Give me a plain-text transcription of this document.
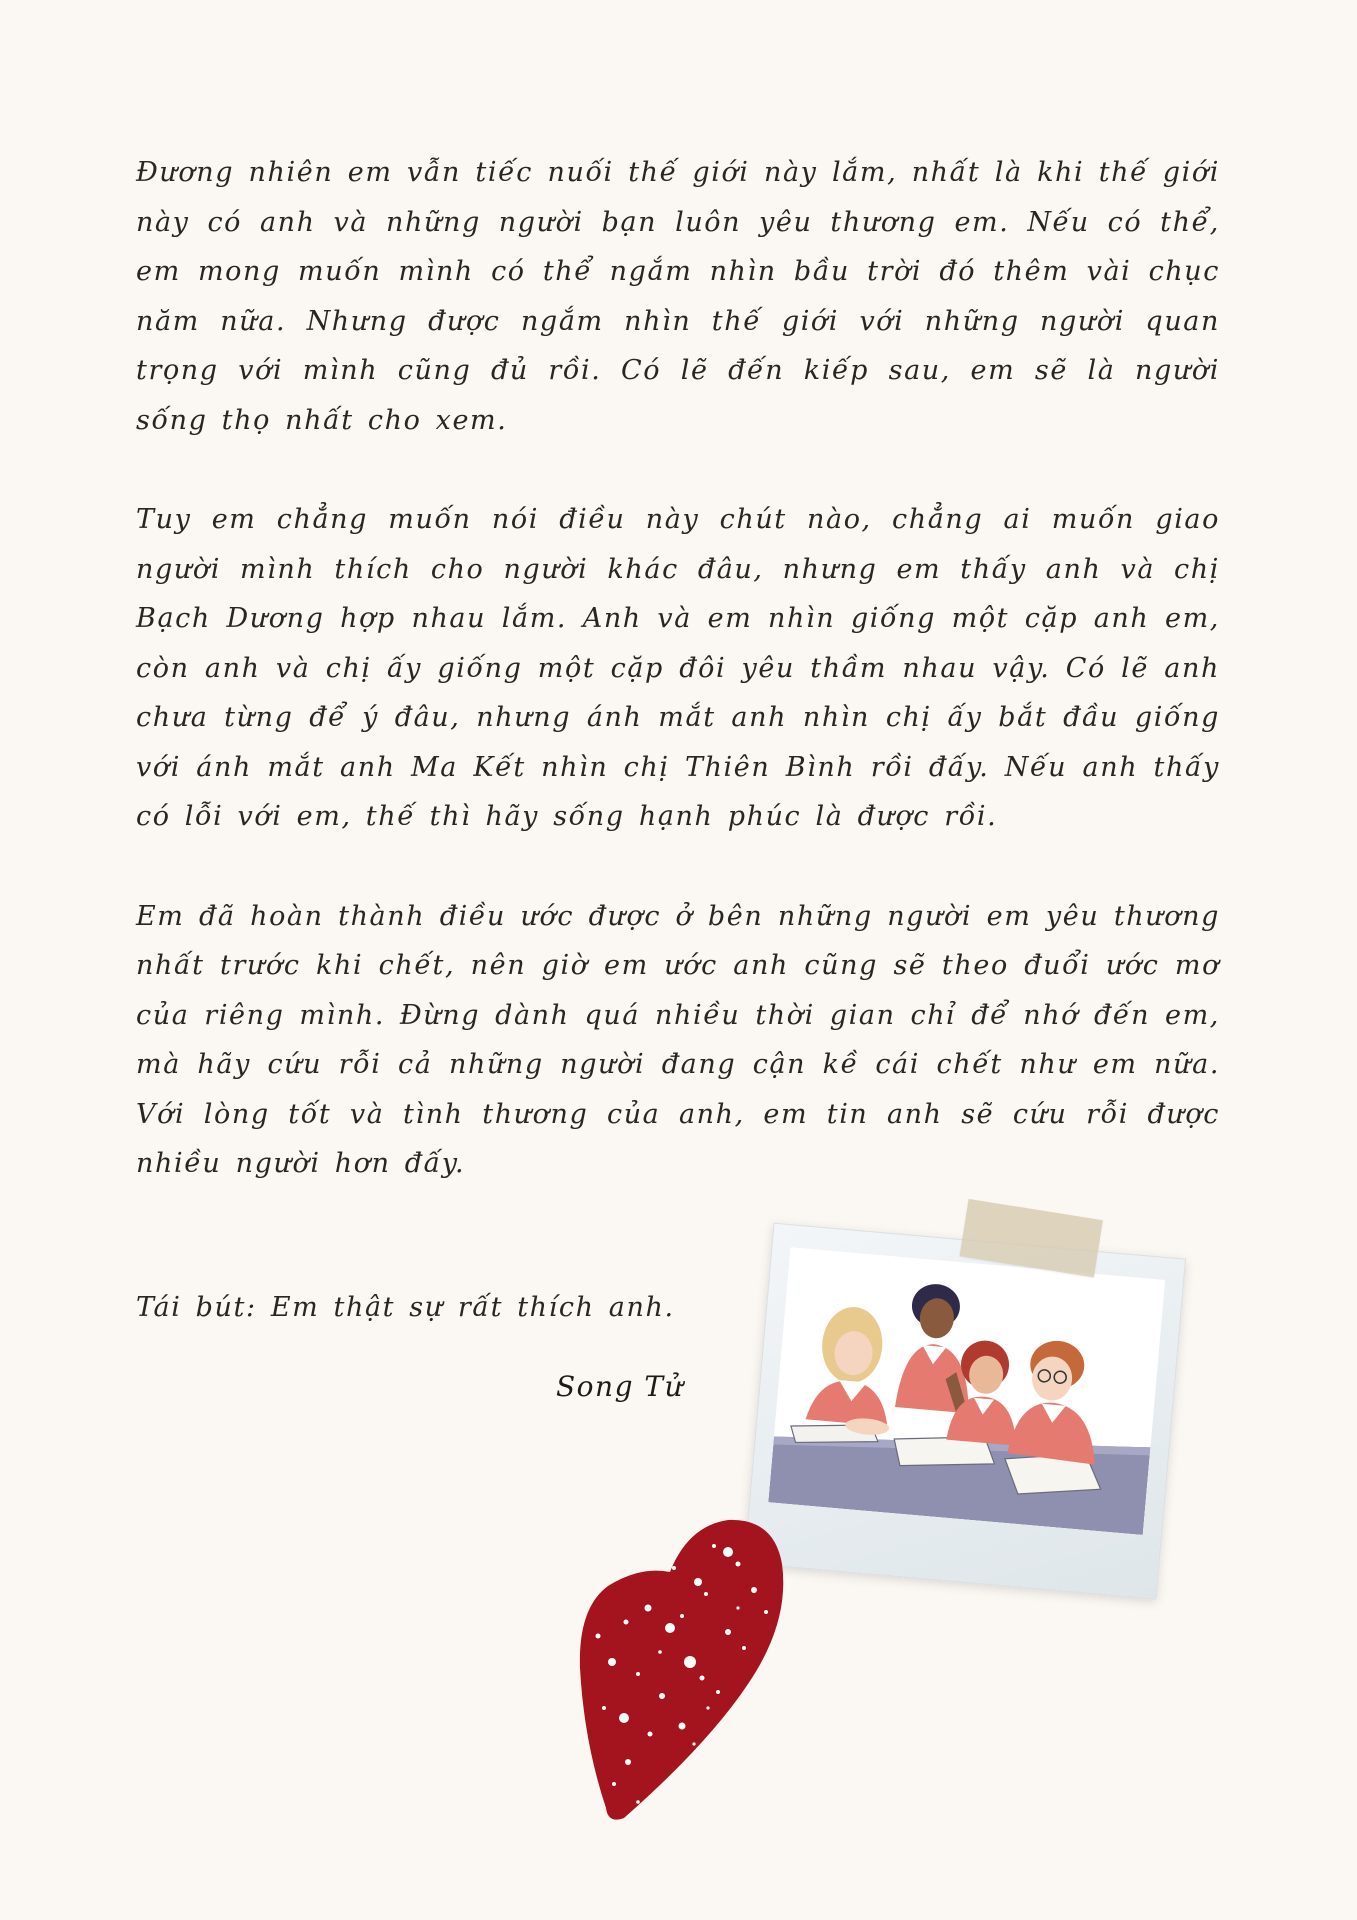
Đương nhiên em vẫn tiếc nuối thế giới này lắm, nhất là khi thế giới này có anh và những người bạn luôn yêu thương em. Nếu có thể, em mong muốn mình có thể ngắm nhìn bầu trời đó thêm vài chục năm nữa. Nhưng được ngắm nhìn thế giới với những người quan trọng với mình cũng đủ rồi. Có lẽ đến kiếp sau, em sẽ là người sống thọ nhất cho xem.

Tuy em chẳng muốn nói điều này chút nào, chẳng ai muốn giao người mình thích cho người khác đâu, nhưng em thấy anh và chị Bạch Dương hợp nhau lắm. Anh và em nhìn giống một cặp anh em, còn anh và chị ấy giống một cặp đôi yêu thầm nhau vậy. Có lẽ anh chưa từng để ý đâu, nhưng ánh mắt anh nhìn chị ấy bắt đầu giống với ánh mắt anh Ma Kết nhìn chị Thiên Bình rồi đấy. Nếu anh thấy có lỗi với em, thế thì hãy sống hạnh phúc là được rồi.

Em đã hoàn thành điều ước được ở bên những người em yêu thương nhất trước khi chết, nên giờ em ước anh cũng sẽ theo đuổi ước mơ của riêng mình. Đừng dành quá nhiều thời gian chỉ để nhớ đến em, mà hãy cứu rỗi cả những người đang cận kề cái chết như em nữa. Với lòng tốt và tình thương của anh, em tin anh sẽ cứu rỗi được nhiều người hơn đấy.

Tái bút: Em thật sự rất thích anh.

Song Tử
